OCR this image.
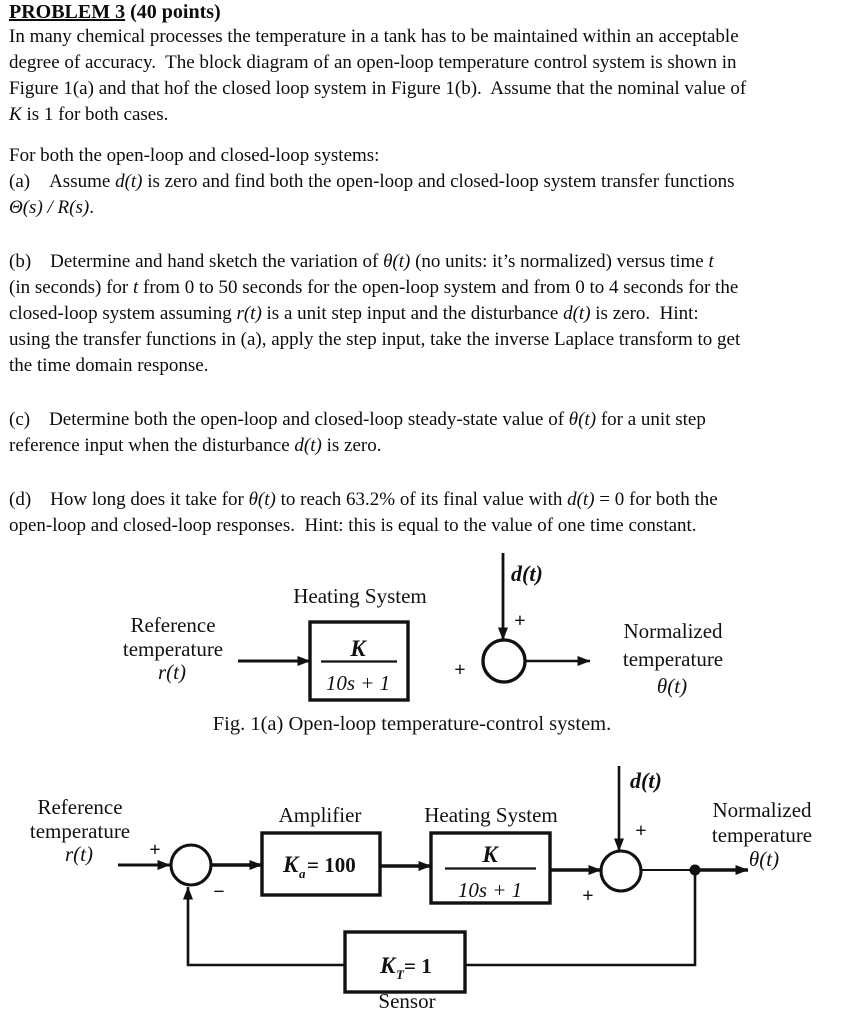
PROBLEM 3 (40 points)

In many chemical processes the temperature in a tank has to be maintained within an acceptable
degree of accuracy.  The block diagram of an open-loop temperature control system is shown in
Figure 1(a) and that hof the closed loop system in Figure 1(b).  Assume that the nominal value of
K is 1 for both cases.

For both the open-loop and closed-loop systems:

(a)    Assume d(t) is zero and find both the open-loop and closed-loop system transfer functions
Θ(s) / R(s).

(b)    Determine and hand sketch the variation of θ(t) (no units: it’s normalized) versus time t
(in seconds) for t from 0 to 50 seconds for the open-loop system and from 0 to 4 seconds for the
closed-loop system assuming r(t) is a unit step input and the disturbance d(t) is zero.  Hint:
using the transfer functions in (a), apply the step input, take the inverse Laplace transform to get
the time domain response.

(c)    Determine both the open-loop and closed-loop steady-state value of θ(t) for a unit step
reference input when the disturbance d(t) is zero.

(d)    How long does it take for θ(t) to reach 63.2% of its final value with d(t) = 0 for both the
open-loop and closed-loop responses.  Hint: this is equal to the value of one time constant.

d(t)
+
Heating System
Reference
temperature
r(t)
K
10s + 1
+
Normalized
temperature
θ(t)
Fig. 1(a) Open-loop temperature-control system.
Reference
temperature
r(t)	+
−
Amplifier
K a = 100
Heating System
K
10s + 1
d(t)
+
+
Normalized
temperature
θ(t)
K T = 1
Sensor
